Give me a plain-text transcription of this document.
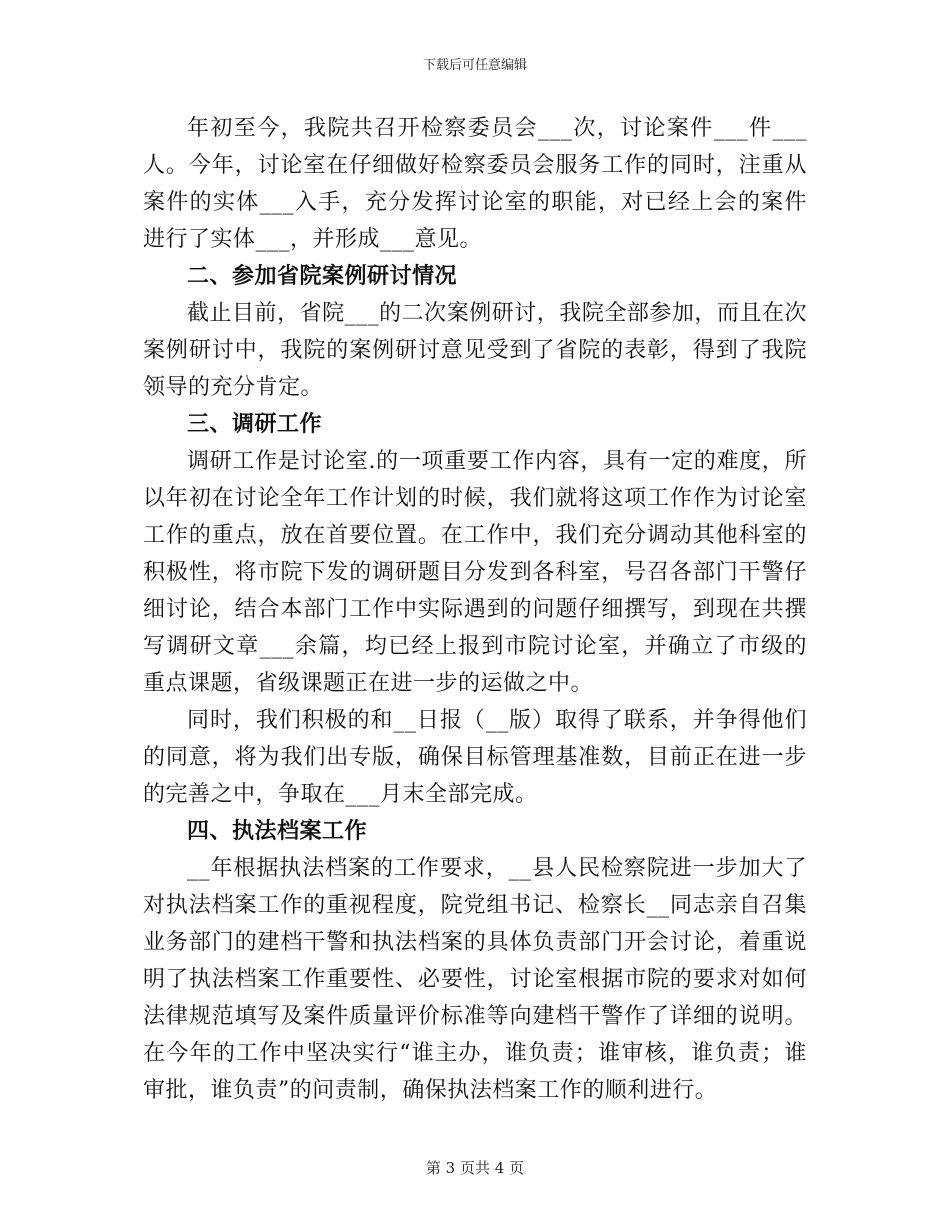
下载后可任意编辑

年初至今，我院共召开检察委员会___次，讨论案件___件___人。今年，讨论室在仔细做好检察委员会服务工作的同时，注重从案件的实体___入手，充分发挥讨论室的职能，对已经上会的案件进行了实体___，并形成___意见。

二、参加省院案例研讨情况

截止目前，省院___的二次案例研讨，我院全部参加，而且在次案例研讨中，我院的案例研讨意见受到了省院的表彰，得到了我院领导的充分肯定。

三、调研工作

调研工作是讨论室.的一项重要工作内容，具有一定的难度，所以年初在讨论全年工作计划的时候，我们就将这项工作作为讨论室工作的重点，放在首要位置。在工作中，我们充分调动其他科室的积极性，将市院下发的调研题目分发到各科室，号召各部门干警仔细讨论，结合本部门工作中实际遇到的问题仔细撰写，到现在共撰写调研文章___余篇，均已经上报到市院讨论室，并确立了市级的重点课题，省级课题正在进一步的运做之中。

同时，我们积极的和__日报（__版）取得了联系，并争得他们的同意，将为我们出专版，确保目标管理基准数，目前正在进一步的完善之中，争取在___月末全部完成。

四、执法档案工作

__年根据执法档案的工作要求，__县人民检察院进一步加大了对执法档案工作的重视程度，院党组书记、检察长__同志亲自召集业务部门的建档干警和执法档案的具体负责部门开会讨论，着重说明了执法档案工作重要性、必要性，讨论室根据市院的要求对如何法律规范填写及案件质量评价标准等向建档干警作了详细的说明。在今年的工作中坚决实行“谁主办，谁负责；谁审核，谁负责；谁审批，谁负责”的问责制，确保执法档案工作的顺利进行。

第 3 页共 4 页
